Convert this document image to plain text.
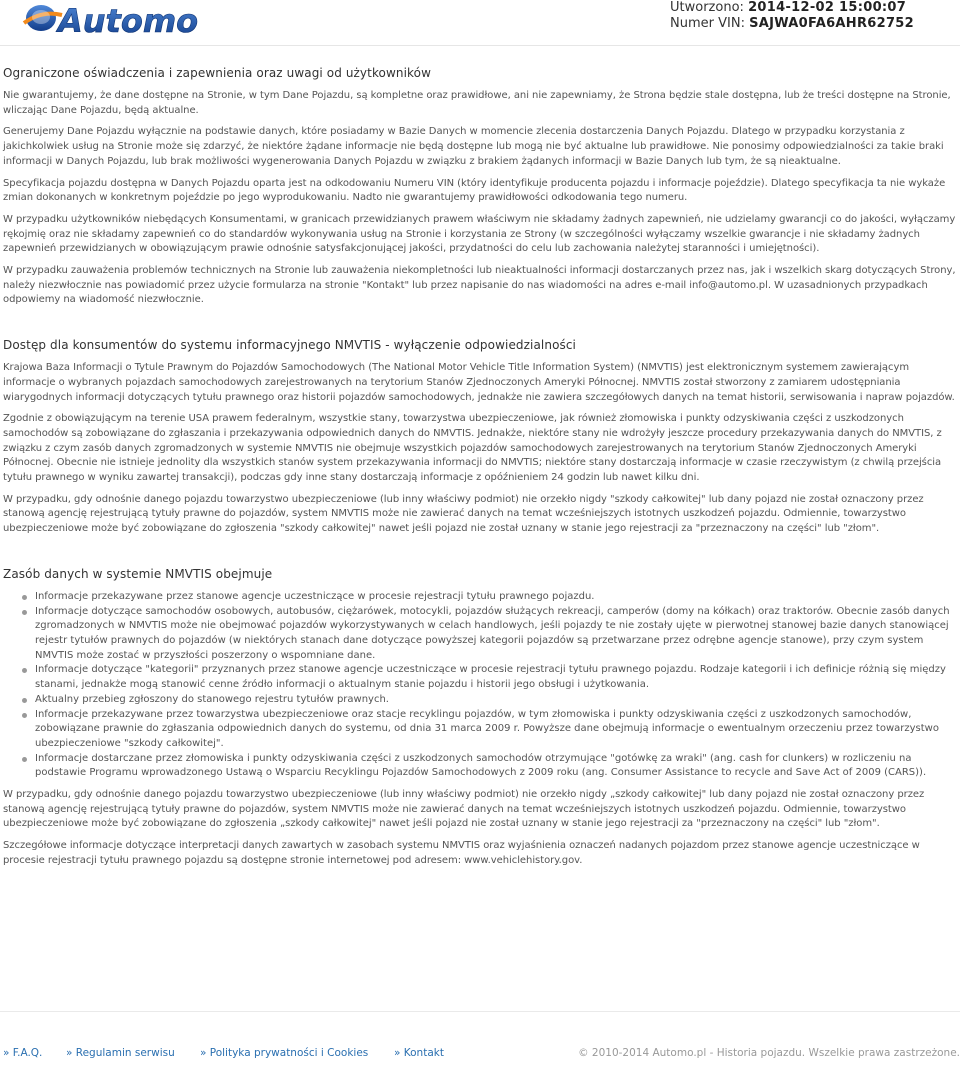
Automo	Utworzono: 2014-12-02 15:00:07
Numer VIN: SAJWA0FA6AHR62752
Ograniczone oświadczenia i zapewnienia oraz uwagi od użytkowników

Nie gwarantujemy, że dane dostępne na Stronie, w tym Dane Pojazdu, są kompletne oraz prawidłowe, ani nie zapewniamy, że Strona będzie stale dostępna, lub że treści dostępne na Stronie, wliczając Dane Pojazdu, będą aktualne.

Generujemy Dane Pojazdu wyłącznie na podstawie danych, które posiadamy w Bazie Danych w momencie zlecenia dostarczenia Danych Pojazdu. Dlatego w przypadku korzystania z jakichkolwiek usług na Stronie może się zdarzyć, że niektóre żądane informacje nie będą dostępne lub mogą nie być aktualne lub prawidłowe. Nie ponosimy odpowiedzialności za takie braki informacji w Danych Pojazdu, lub brak możliwości wygenerowania Danych Pojazdu w związku z brakiem żądanych informacji w Bazie Danych lub tym, że są nieaktualne.

Specyfikacja pojazdu dostępna w Danych Pojazdu oparta jest na odkodowaniu Numeru VIN (który identyfikuje producenta pojazdu i informacje pojeździe). Dlatego specyfikacja ta nie wykaże zmian dokonanych w konkretnym pojeździe po jego wyprodukowaniu. Nadto nie gwarantujemy prawidłowości odkodowania tego numeru.

W przypadku użytkowników niebędących Konsumentami, w granicach przewidzianych prawem właściwym nie składamy żadnych zapewnień, nie udzielamy gwarancji co do jakości, wyłączamy rękojmię oraz nie składamy zapewnień co do standardów wykonywania usług na Stronie i korzystania ze Strony (w szczególności wyłączamy wszelkie gwarancje i nie składamy żadnych zapewnień przewidzianych w obowiązującym prawie odnośnie satysfakcjonującej jakości, przydatności do celu lub zachowania należytej staranności i umiejętności).

W przypadku zauważenia problemów technicznych na Stronie lub zauważenia niekompletności lub nieaktualności informacji dostarczanych przez nas, jak i wszelkich skarg dotyczących Strony, należy niezwłocznie nas powiadomić przez użycie formularza na stronie "Kontakt" lub przez napisanie do nas wiadomości na adres e-mail info@automo.pl. W uzasadnionych przypadkach odpowiemy na wiadomość niezwłocznie.

Dostęp dla konsumentów do systemu informacyjnego NMVTIS - wyłączenie odpowiedzialności

Krajowa Baza Informacji o Tytule Prawnym do Pojazdów Samochodowych (The National Motor Vehicle Title Information System) (NMVTIS) jest elektronicznym systemem zawierającym informacje o wybranych pojazdach samochodowych zarejestrowanych na terytorium Stanów Zjednoczonych Ameryki Północnej. NMVTIS został stworzony z zamiarem udostępniania wiarygodnych informacji dotyczących tytułu prawnego oraz historii pojazdów samochodowych, jednakże nie zawiera szczegółowych danych na temat historii, serwisowania i napraw pojazdów.

Zgodnie z obowiązującym na terenie USA prawem federalnym, wszystkie stany, towarzystwa ubezpieczeniowe, jak również złomowiska i punkty odzyskiwania części z uszkodzonych samochodów są zobowiązane do zgłaszania i przekazywania odpowiednich danych do NMVTIS. Jednakże, niektóre stany nie wdrożyły jeszcze procedury przekazywania danych do NMVTIS, z związku z czym zasób danych zgromadzonych w systemie NMVTIS nie obejmuje wszystkich pojazdów samochodowych zarejestrowanych na terytorium Stanów Zjednoczonych Ameryki Północnej. Obecnie nie istnieje jednolity dla wszystkich stanów system przekazywania informacji do NMVTIS; niektóre stany dostarczają informacje w czasie rzeczywistym (z chwilą przejścia tytułu prawnego w wyniku zawartej transakcji), podczas gdy inne stany dostarczają informacje z opóźnieniem 24 godzin lub nawet kilku dni.

W przypadku, gdy odnośnie danego pojazdu towarzystwo ubezpieczeniowe (lub inny właściwy podmiot) nie orzekło nigdy "szkody całkowitej" lub dany pojazd nie został oznaczony przez stanową agencję rejestrującą tytuły prawne do pojazdów, system NMVTIS może nie zawierać danych na temat wcześniejszych istotnych uszkodzeń pojazdu. Odmiennie, towarzystwo ubezpieczeniowe może być zobowiązane do zgłoszenia "szkody całkowitej" nawet jeśli pojazd nie został uznany w stanie jego rejestracji za "przeznaczony na części" lub "złom".

Zasób danych w systemie NMVTIS obejmuje
Informacje przekazywane przez stanowe agencje uczestniczące w procesie rejestracji tytułu prawnego pojazdu.
Informacje dotyczące samochodów osobowych, autobusów, ciężarówek, motocykli, pojazdów służących rekreacji, camperów (domy na kółkach) oraz traktorów. Obecnie zasób danych zgromadzonych w NMVTIS może nie obejmować pojazdów wykorzystywanych w celach handlowych, jeśli pojazdy te nie zostały ujęte w pierwotnej stanowej bazie danych stanowiącej rejestr tytułów prawnych do pojazdów (w niektórych stanach dane dotyczące powyższej kategorii pojazdów są przetwarzane przez odrębne agencje stanowe), przy czym system NMVTIS może zostać w przyszłości poszerzony o wspomniane dane.
Informacje dotyczące "kategorii" przyznanych przez stanowe agencje uczestniczące w procesie rejestracji tytułu prawnego pojazdu. Rodzaje kategorii i ich definicje różnią się między stanami, jednakże mogą stanowić cenne źródło informacji o aktualnym stanie pojazdu i historii jego obsługi i użytkowania.
Aktualny przebieg zgłoszony do stanowego rejestru tytułów prawnych.
Informacje przekazywane przez towarzystwa ubezpieczeniowe oraz stacje recyklingu pojazdów, w tym złomowiska i punkty odzyskiwania części z uszkodzonych samochodów, zobowiązane prawnie do zgłaszania odpowiednich danych do systemu, od dnia 31 marca 2009 r. Powyższe dane obejmują informacje o ewentualnym orzeczeniu przez towarzystwo ubezpieczeniowe "szkody całkowitej".
Informacje dostarczane przez złomowiska i punkty odzyskiwania części z uszkodzonych samochodów otrzymujące "gotówkę za wraki" (ang. cash for clunkers) w rozliczeniu na podstawie Programu wprowadzonego Ustawą o Wsparciu Recyklingu Pojazdów Samochodowych z 2009 roku (ang. Consumer Assistance to recycle and Save Act of 2009 (CARS)).

W przypadku, gdy odnośnie danego pojazdu towarzystwo ubezpieczeniowe (lub inny właściwy podmiot) nie orzekło nigdy „szkody całkowitej" lub dany pojazd nie został oznaczony przez stanową agencję rejestrującą tytuły prawne do pojazdów, system NMVTIS może nie zawierać danych na temat wcześniejszych istotnych uszkodzeń pojazdu. Odmiennie, towarzystwo ubezpieczeniowe może być zobowiązane do zgłoszenia „szkody całkowitej" nawet jeśli pojazd nie został uznany w stanie jego rejestracji za "przeznaczony na części" lub "złom".

Szczegółowe informacje dotyczące interpretacji danych zawartych w zasobach systemu NMVTIS oraz wyjaśnienia oznaczeń nadanych pojazdom przez stanowe agencje uczestniczące w procesie rejestracji tytułu prawnego pojazdu są dostępne stronie internetowej pod adresem: www.vehiclehistory.gov.

» F.A.Q. » Regulamin serwisu » Polityka prywatności i Cookies » Kontakt	© 2010-2014 Automo.pl - Historia pojazdu. Wszelkie prawa zastrzeżone.
